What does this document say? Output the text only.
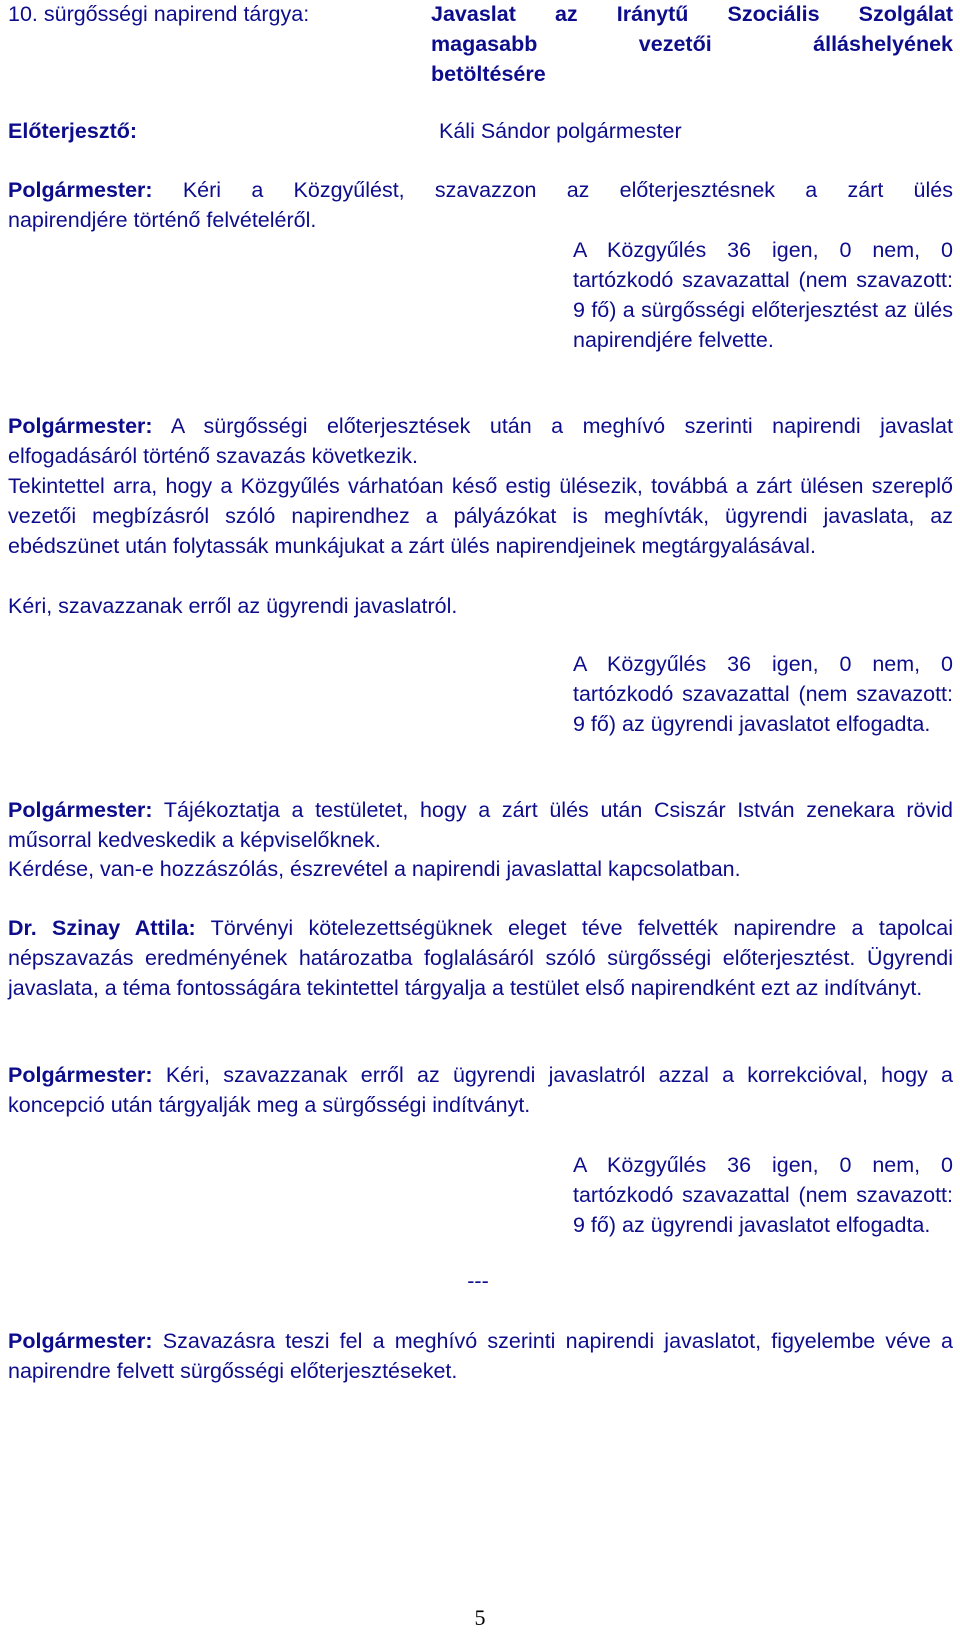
10. sürgősségi napirend tárgya:	Javaslat az Iránytű Szociális Szolgálat
magasabb vezetői álláshelyének
betöltésére
Előterjesztő:	Káli Sándor polgármester
Polgármester: Kéri a Közgyűlést, szavazzon az előterjesztésnek a zárt ülés
napirendjére történő felvételéről.

A Közgyűlés 36 igen, 0 nem, 0 tartózkodó szavazattal (nem szavazott: 9 fő) a sürgősségi előterjesztést az ülés napirendjére felvette.

Polgármester: A sürgősségi előterjesztések után a meghívó szerinti napirendi javaslat elfogadásáról történő szavazás következik.

Tekintettel arra, hogy a Közgyűlés várhatóan késő estig ülésezik, továbbá a zárt ülésen szereplő vezetői megbízásról szóló napirendhez a pályázókat is meghívták, ügyrendi javaslata, az ebédszünet után folytassák munkájukat a zárt ülés napirendjeinek megtárgyalásával.

Kéri, szavazzanak erről az ügyrendi javaslatról.

A Közgyűlés 36 igen, 0 nem, 0 tartózkodó szavazattal (nem szavazott: 9 fő) az ügyrendi javaslatot elfogadta.

Polgármester: Tájékoztatja a testületet, hogy a zárt ülés után Csiszár István zenekara rövid műsorral kedveskedik a képviselőknek.

Kérdése, van-e hozzászólás, észrevétel a napirendi javaslattal kapcsolatban.

Dr. Szinay Attila: Törvényi kötelezettségüknek eleget téve felvették napirendre a tapolcai népszavazás eredményének határozatba foglalásáról szóló sürgősségi előterjesztést. Ügyrendi javaslata, a téma fontosságára tekintettel tárgyalja a testület első napirendként ezt az indítványt.

Polgármester: Kéri, szavazzanak erről az ügyrendi javaslatról azzal a korrekcióval, hogy a koncepció után tárgyalják meg a sürgősségi indítványt.

A Közgyűlés 36 igen, 0 nem, 0 tartózkodó szavazattal (nem szavazott: 9 fő) az ügyrendi javaslatot elfogadta.

---

Polgármester: Szavazásra teszi fel a meghívó szerinti napirendi javaslatot, figyelembe véve a napirendre felvett sürgősségi előterjesztéseket.

5
